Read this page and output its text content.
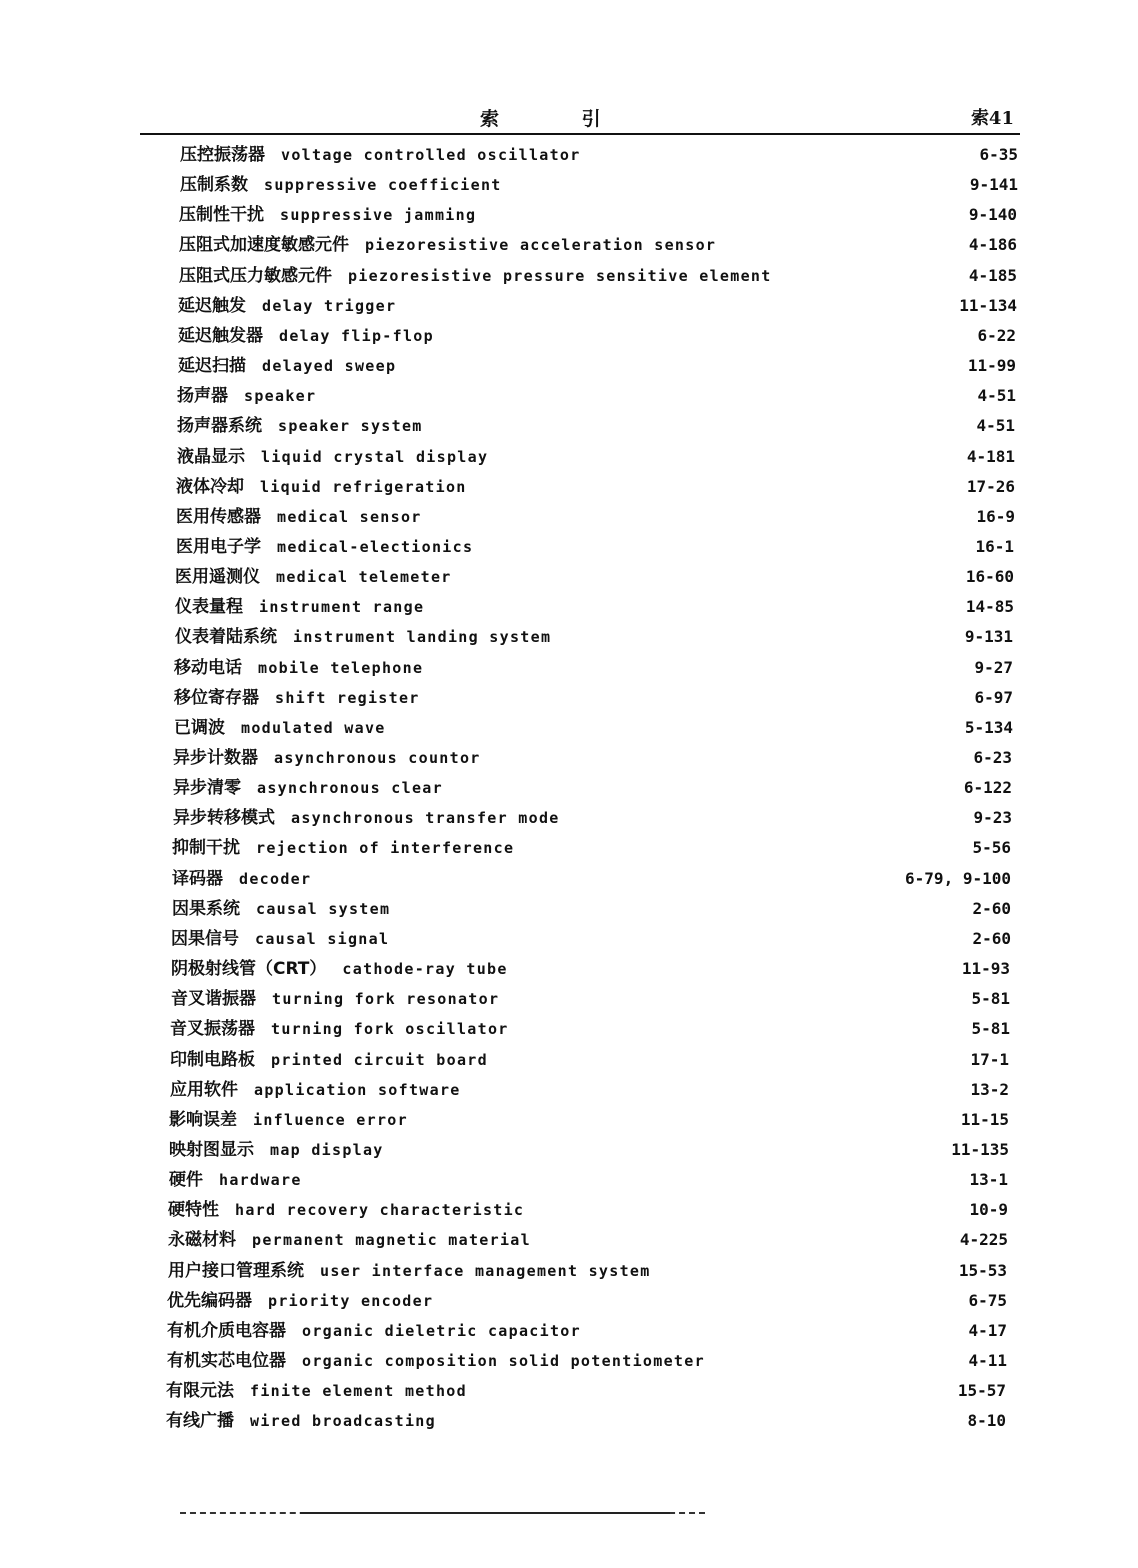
索 引	索41
压控振荡器 voltage controlled oscillator	6-35
压制系数 suppressive coefficient	9-141
压制性干扰 suppressive jamming	9-140
压阻式加速度敏感元件 piezoresistive acceleration sensor	4-186
压阻式压力敏感元件 piezoresistive pressure sensitive element	4-185
延迟触发 delay trigger	11-134
延迟触发器 delay flip-flop	6-22
延迟扫描 delayed sweep	11-99
扬声器 speaker	4-51
扬声器系统 speaker system	4-51
液晶显示 liquid crystal display	4-181
液体冷却 liquid refrigeration	17-26
医用传感器 medical sensor	16-9
医用电子学 medical-electionics	16-1
医用遥测仪 medical telemeter	16-60
仪表量程 instrument range	14-85
仪表着陆系统 instrument landing system	9-131
移动电话 mobile telephone	9-27
移位寄存器 shift register	6-97
已调波 modulated wave	5-134
异步计数器 asynchronous countor	6-23
异步清零 asynchronous clear	6-122
异步转移模式 asynchronous transfer mode	9-23
抑制干扰 rejection of interference	5-56
译码器 decoder	6-79, 9-100
因果系统 causal system	2-60
因果信号 causal signal	2-60
阴极射线管（CRT） cathode-ray tube	11-93
音叉谐振器 turning fork resonator	5-81
音叉振荡器 turning fork oscillator	5-81
印制电路板 printed circuit board	17-1
应用软件 application software	13-2
影响误差 influence error	11-15
映射图显示 map display	11-135
硬件 hardware	13-1
硬特性 hard recovery characteristic	10-9
永磁材料 permanent magnetic material	4-225
用户接口管理系统 user interface management system	15-53
优先编码器 priority encoder	6-75
有机介质电容器 organic dieletric capacitor	4-17
有机实芯电位器 organic composition solid potentiometer	4-11
有限元法 finite element method	15-57
有线广播 wired broadcasting	8-10
